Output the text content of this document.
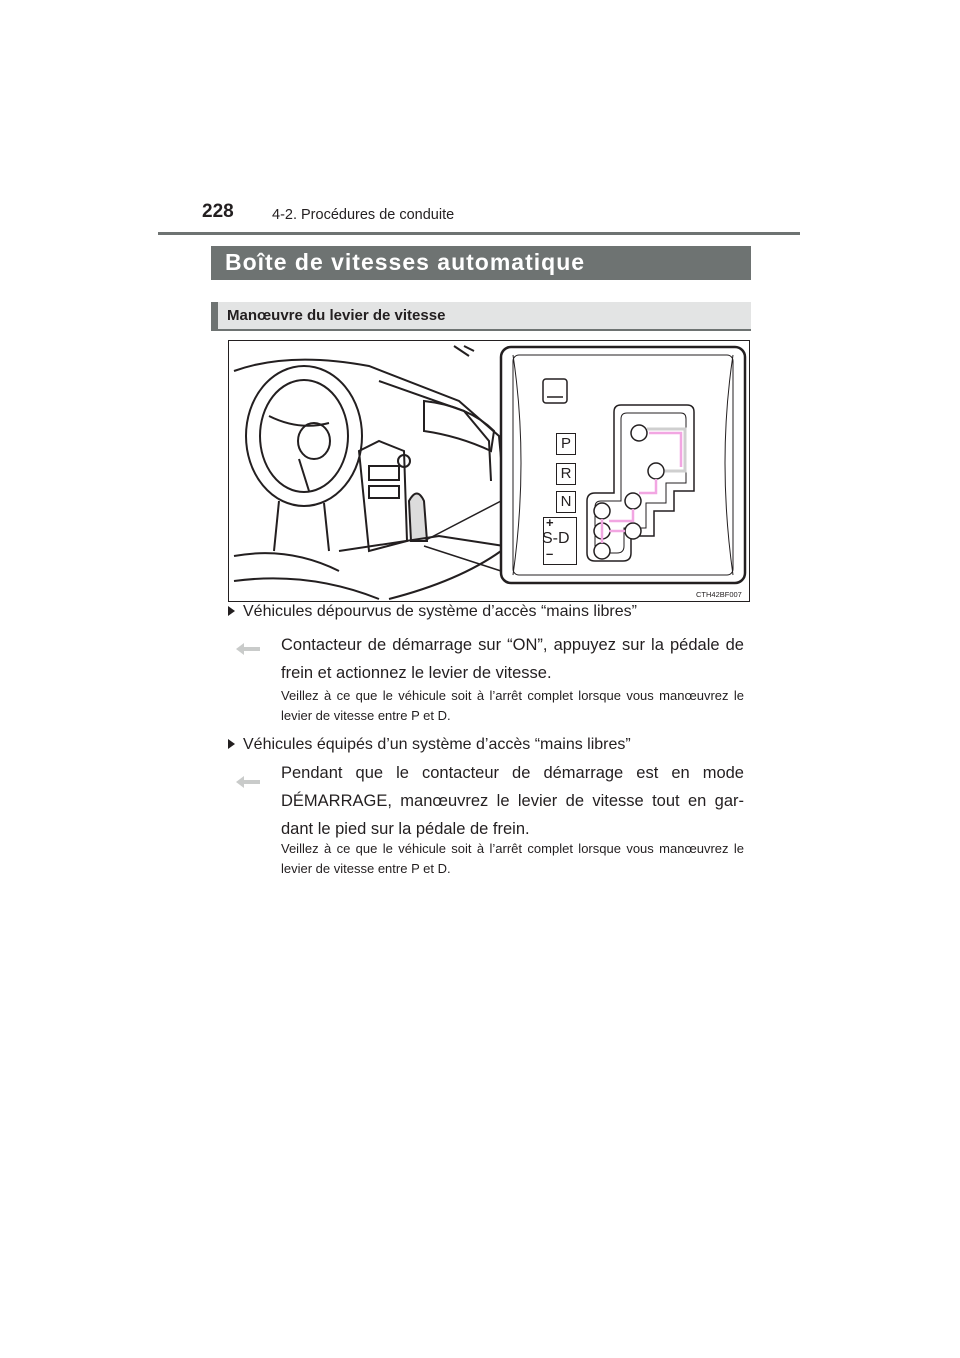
228	4-2. Procédures de conduite
Boîte de vitesses automatique
Manœuvre du levier de vitesse
P
R
N
+
S-D
–
CTH42BF007
Véhicules dépourvus de système d’accès “mains libres”
Contacteur de démarrage sur “ON”, appuyez sur la pédale de frein et actionnez le levier de vitesse.
Veillez à ce que le véhicule soit à l’arrêt complet lorsque vous manœuvrez le levier de vitesse entre P et D.
Véhicules équipés d’un système d’accès “mains libres”
Pendant que le contacteur de démarrage est en mode DÉMARRAGE, manœuvrez le levier de vitesse tout en gar-dant le pied sur la pédale de frein.
Veillez à ce que le véhicule soit à l’arrêt complet lorsque vous manœuvrez le levier de vitesse entre P et D.
